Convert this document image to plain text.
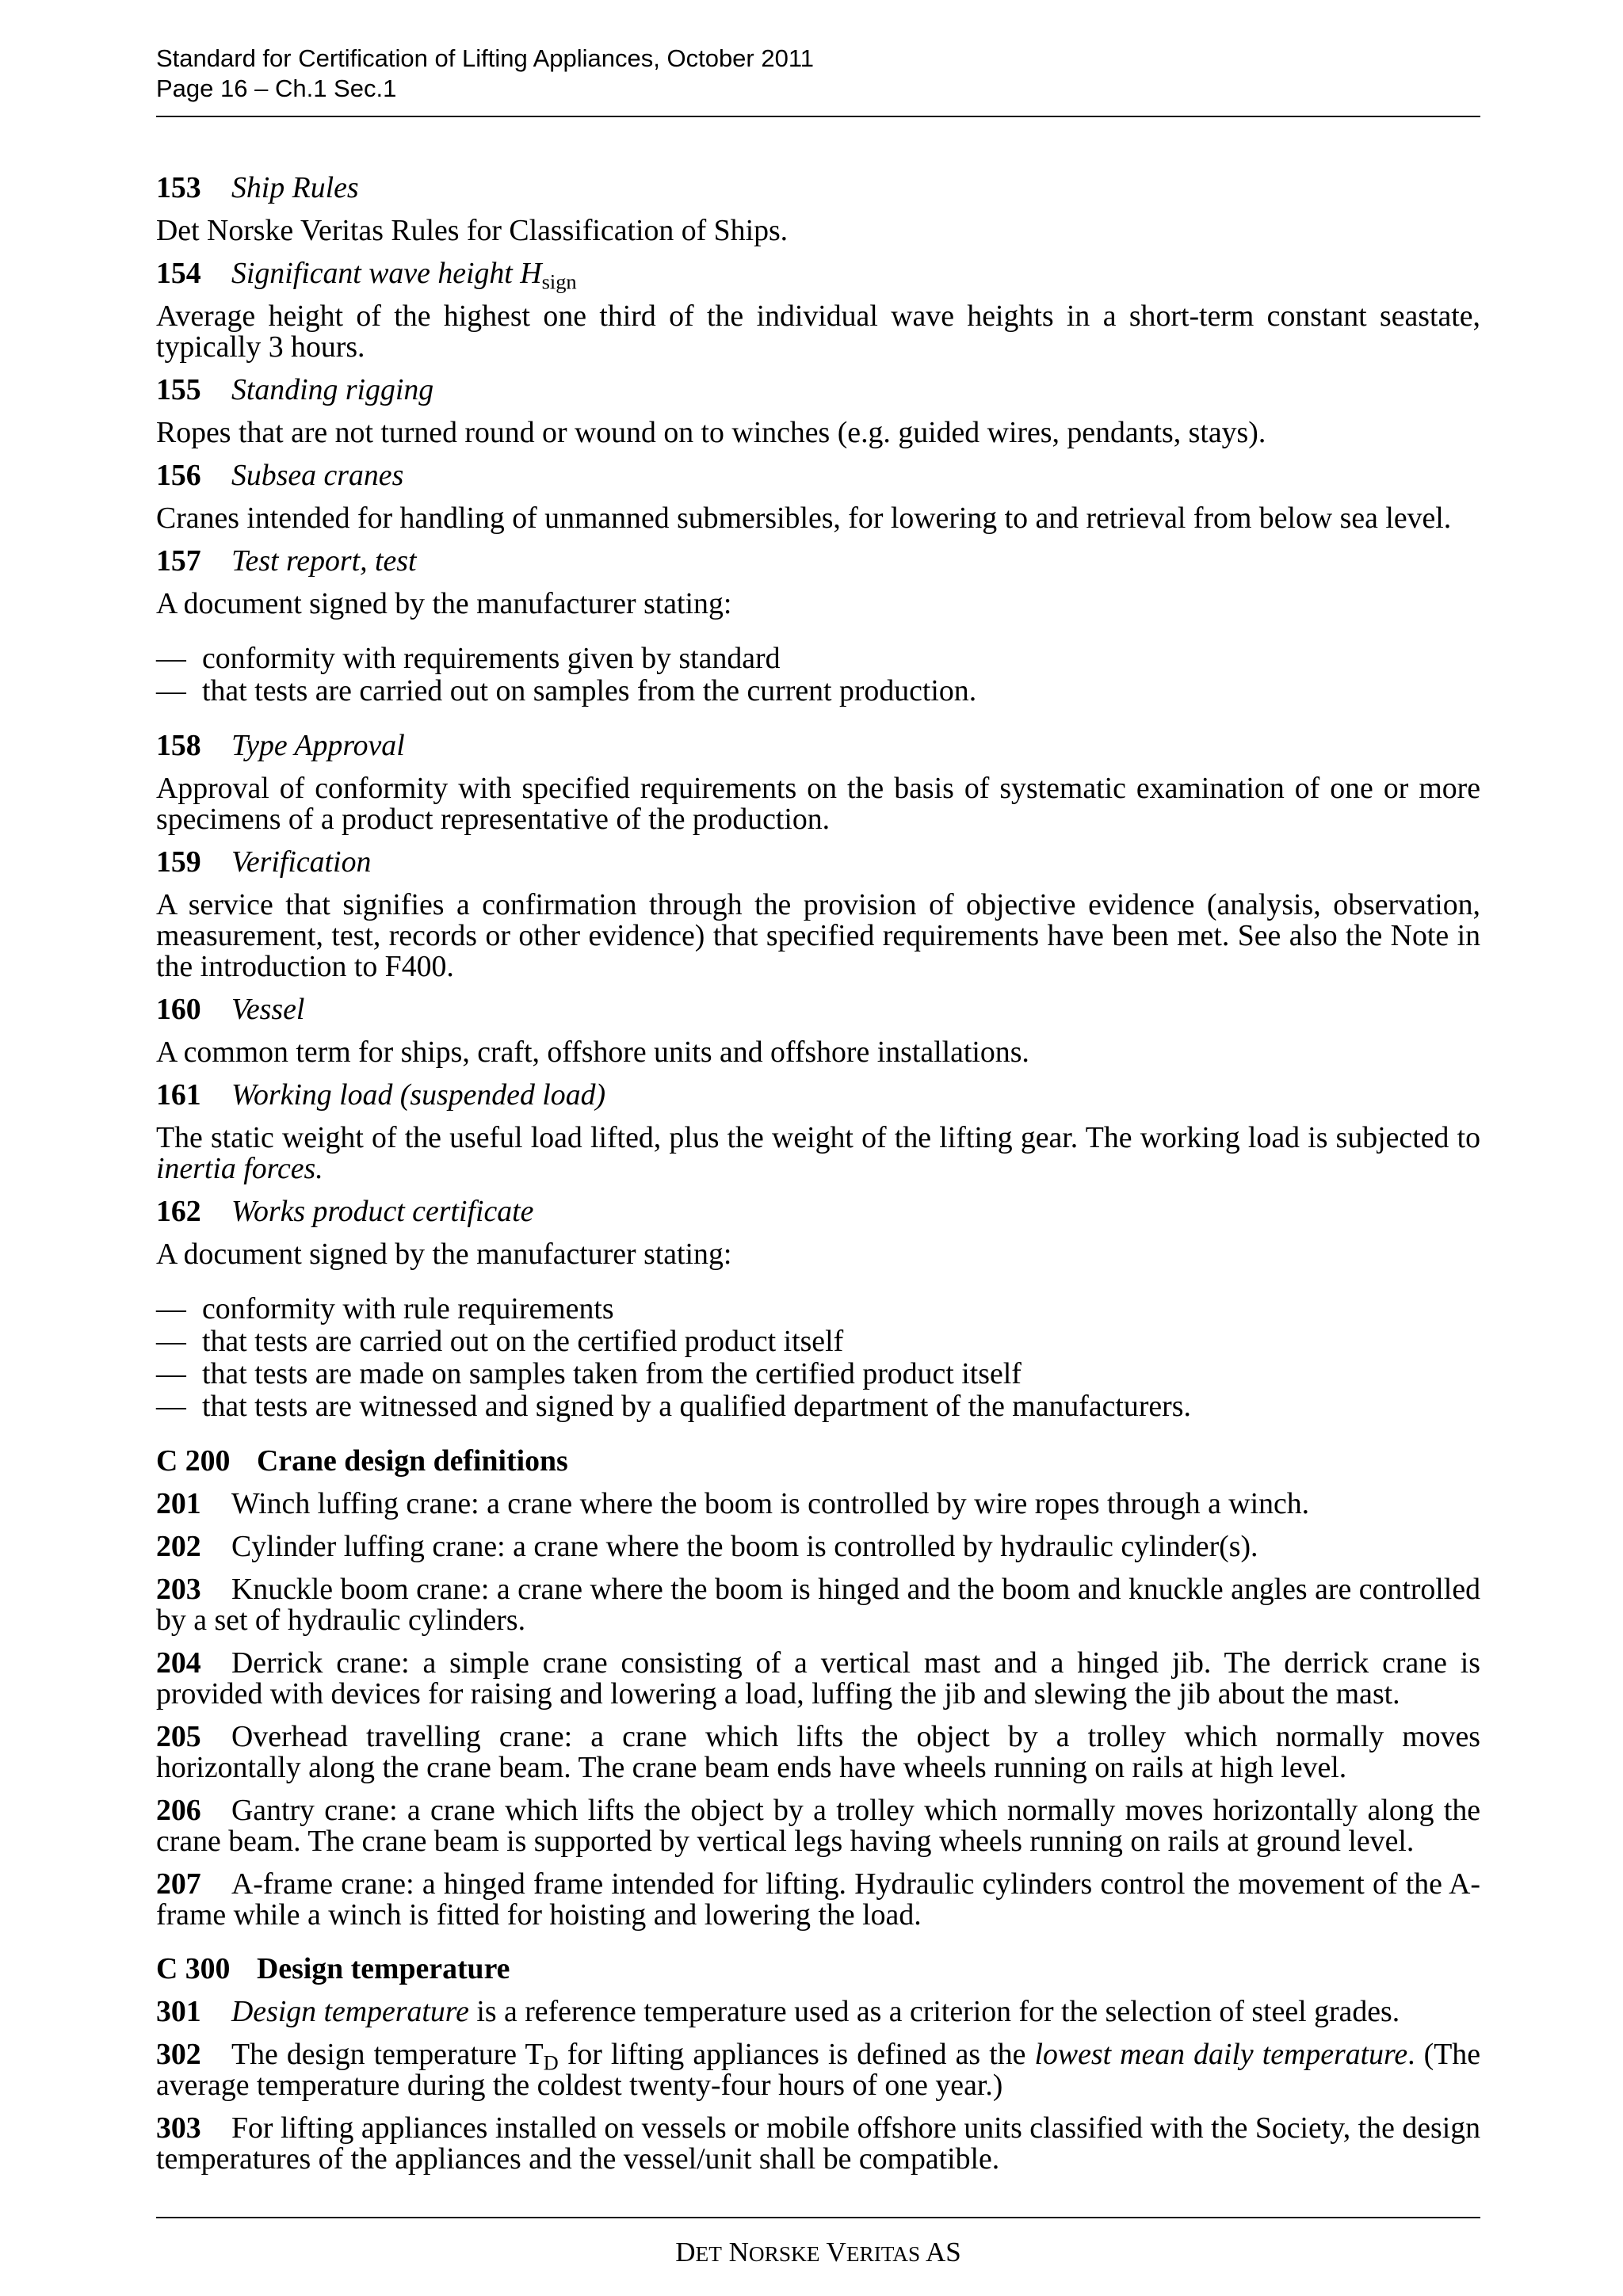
Standard for Certification of Lifting Appliances, October 2011
Page 16 – Ch.1 Sec.1

153 Ship Rules

Det Norske Veritas Rules for Classification of Ships.

154 Significant wave height $H_{sign}$

Average height of the highest one third of the individual wave heights in a short-term constant seastate, typically 3 hours.

155 Standing rigging

Ropes that are not turned round or wound on to winches (e.g. guided wires, pendants, stays).

156 Subsea cranes

Cranes intended for handling of unmanned submersibles, for lowering to and retrieval from below sea level.

157 Test report, test

A document signed by the manufacturer stating:

— conformity with requirements given by standard
— that tests are carried out on samples from the current production.

158 Type Approval

Approval of conformity with specified requirements on the basis of systematic examination of one or more specimens of a product representative of the production.

159 Verification

A service that signifies a confirmation through the provision of objective evidence (analysis, observation, measurement, test, records or other evidence) that specified requirements have been met. See also the Note in the introduction to F400.

160 Vessel

A common term for ships, craft, offshore units and offshore installations.

161 Working load (suspended load)

The static weight of the useful load lifted, plus the weight of the lifting gear. The working load is subjected to inertia forces.

162 Works product certificate

A document signed by the manufacturer stating:

— conformity with rule requirements
— that tests are carried out on the certified product itself
— that tests are made on samples taken from the certified product itself
— that tests are witnessed and signed by a qualified department of the manufacturers.

C 200 Crane design definitions

201 Winch luffing crane: a crane where the boom is controlled by wire ropes through a winch.

202 Cylinder luffing crane: a crane where the boom is controlled by hydraulic cylinder(s).

203 Knuckle boom crane: a crane where the boom is hinged and the boom and knuckle angles are controlled by a set of hydraulic cylinders.

204 Derrick crane: a simple crane consisting of a vertical mast and a hinged jib. The derrick crane is provided with devices for raising and lowering a load, luffing the jib and slewing the jib about the mast.

205 Overhead travelling crane: a crane which lifts the object by a trolley which normally moves horizontally along the crane beam. The crane beam ends have wheels running on rails at high level.

206 Gantry crane: a crane which lifts the object by a trolley which normally moves horizontally along the crane beam. The crane beam is supported by vertical legs having wheels running on rails at ground level.

207 A-frame crane: a hinged frame intended for lifting. Hydraulic cylinders control the movement of the A-frame while a winch is fitted for hoisting and lowering the load.

C 300 Design temperature

301 Design temperature is a reference temperature used as a criterion for the selection of steel grades.

302 The design temperature $T_D$ for lifting appliances is defined as the lowest mean daily temperature. (The average temperature during the coldest twenty-four hours of one year.)

303 For lifting appliances installed on vessels or mobile offshore units classified with the Society, the design temperatures of the appliances and the vessel/unit shall be compatible.

DET NORSKE VERITAS AS
